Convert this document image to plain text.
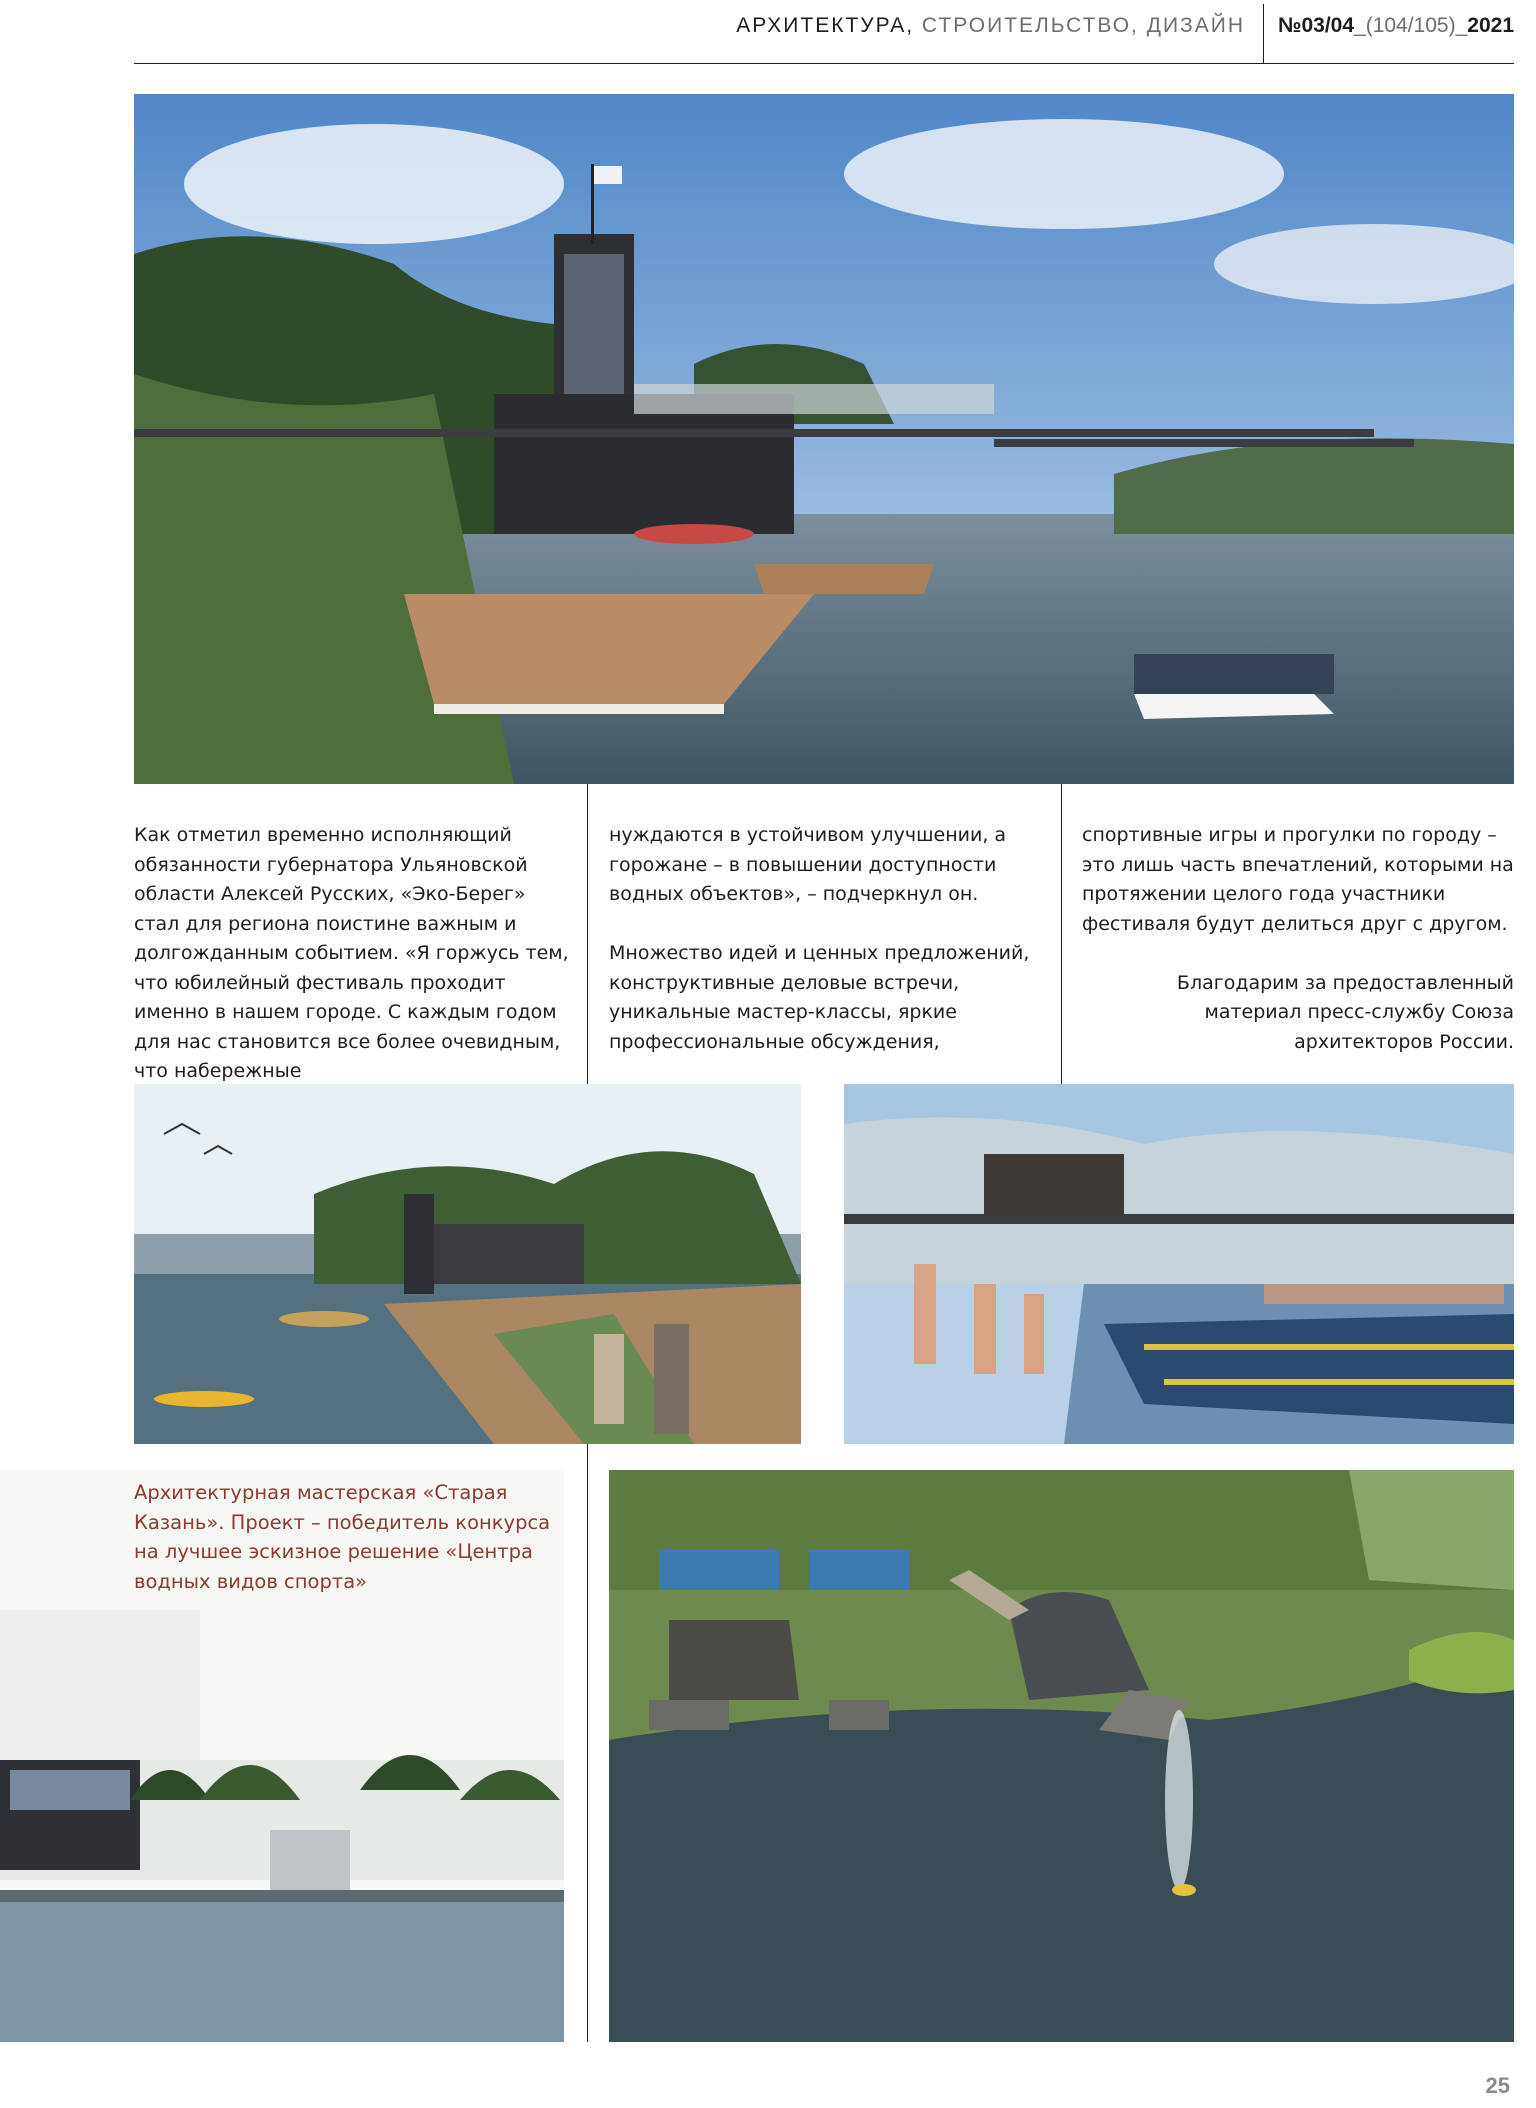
АРХИТЕКТУРА, СТРОИТЕЛЬСТВО, ДИЗАЙН №03/04_(104/105)_2021

Как отметил временно исполняющий обязанности губернатора Ульяновской области Алексей Русских, «Эко-Берег» стал для региона поистине важным и долгожданным событием. «Я горжусь тем, что юбилейный фестиваль проходит именно в нашем городе. С каждым годом для нас становится все более очевидным, что набережные

нуждаются в устойчивом улучшении, а горожане – в повышении доступности водных объектов», – подчеркнул он.

Множество идей и ценных предложений, конструктивные деловые встречи, уникальные мастер-классы, яркие профессиональные обсуждения,

спортивные игры и прогулки по городу – это лишь часть впечатлений, которыми на протяжении целого года участники фестиваля будут делиться друг с другом.

Благодарим за предоставленный материал пресс-службу Союза архитекторов России.

Архитектурная мастерская «Старая Казань». Проект – победитель конкурса на лучшее эскизное решение «Центра водных видов спорта»
25
